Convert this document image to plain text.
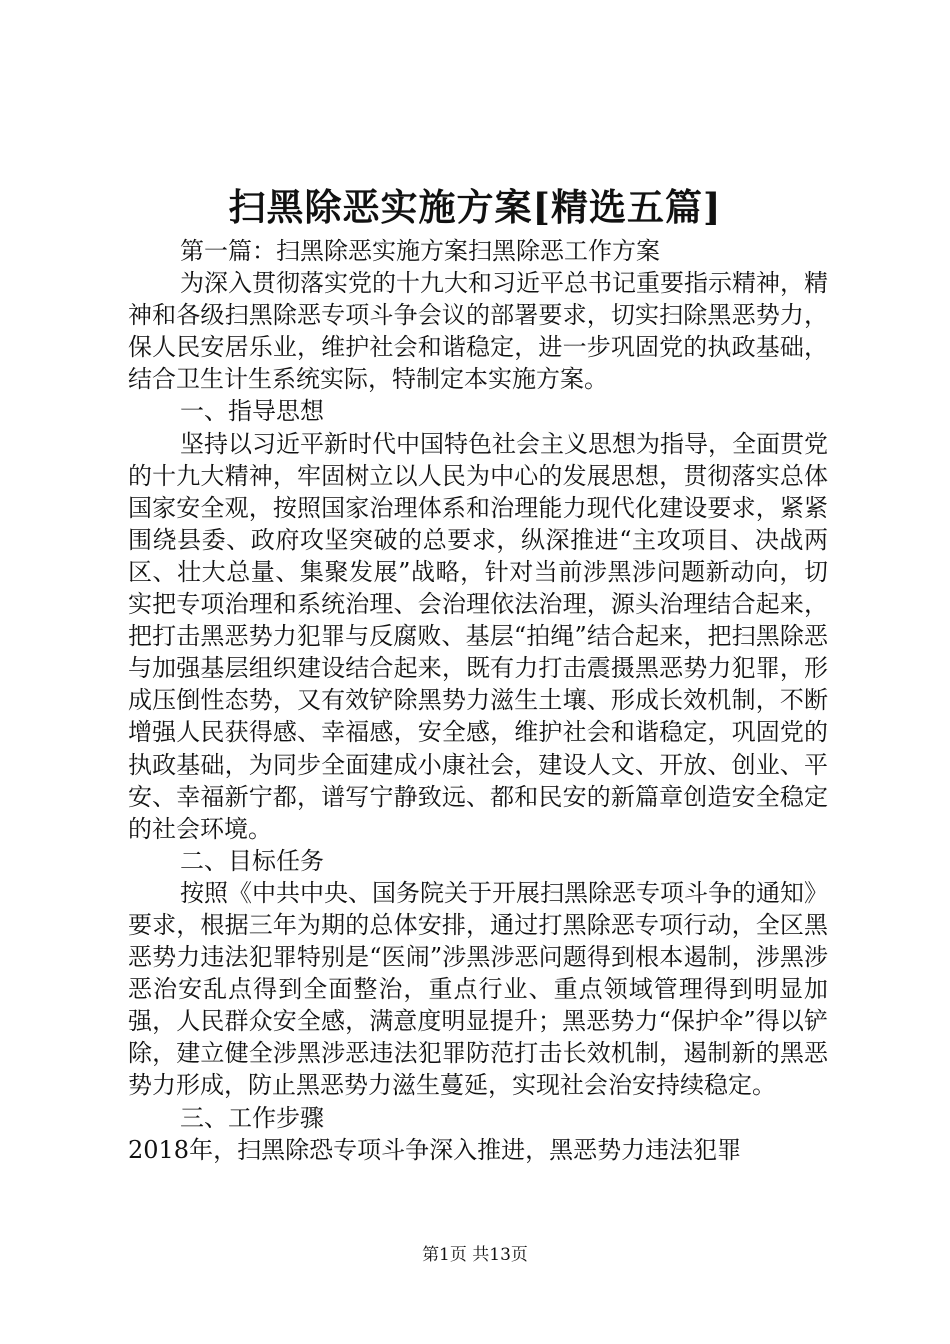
扫黑除恶实施方案[精选五篇]

第一篇：扫黑除恶实施方案扫黑除恶工作方案

为深入贯彻落实党的十九大和习近平总书记重要指示精神，精神和各级扫黑除恶专项斗争会议的部署要求，切实扫除黑恶势力，保人民安居乐业，维护社会和谐稳定，进一步巩固党的执政基础，结合卫生计生系统实际，特制定本实施方案。

一、指导思想

坚持以习近平新时代中国特色社会主义思想为指导，全面贯党的十九大精神，牢固树立以人民为中心的发展思想，贯彻落实总体国家安全观，按照国家治理体系和治理能力现代化建设要求，紧紧围绕县委、政府攻坚突破的总要求，纵深推进“主攻项目、决战两区、壮大总量、集聚发展”战略，针对当前涉黑涉问题新动向，切实把专项治理和系统治理、会治理依法治理，源头治理结合起来，把打击黑恶势力犯罪与反腐败、基层“拍绳”结合起来，把扫黑除恶与加强基层组织建设结合起来，既有力打击震摄黑恶势力犯罪，形成压倒性态势，又有效铲除黑势力滋生土壤、形成长效机制，不断增强人民获得感、幸福感，安全感，维护社会和谐稳定，巩固党的执政基础，为同步全面建成小康社会，建设人文、开放、创业、平安、幸福新宁都，谱写宁静致远、都和民安的新篇章创造安全稳定的社会环境。

二、目标任务

按照《中共中央、国务院关于开展扫黑除恶专项斗争的通知》要求，根据三年为期的总体安排，通过打黑除恶专项行动，全区黑恶势力违法犯罪特别是“医闹”涉黑涉恶问题得到根本遏制，涉黑涉恶治安乱点得到全面整治，重点行业、重点领域管理得到明显加强，人民群众安全感，满意度明显提升；黑恶势力“保护伞”得以铲除，建立健全涉黑涉恶违法犯罪防范打击长效机制，遏制新的黑恶势力形成，防止黑恶势力滋生蔓延，实现社会治安持续稳定。

三、工作步骤

2018年，扫黑除恐专项斗争深入推进，黑恶势力违法犯罪

第1页 共13页
